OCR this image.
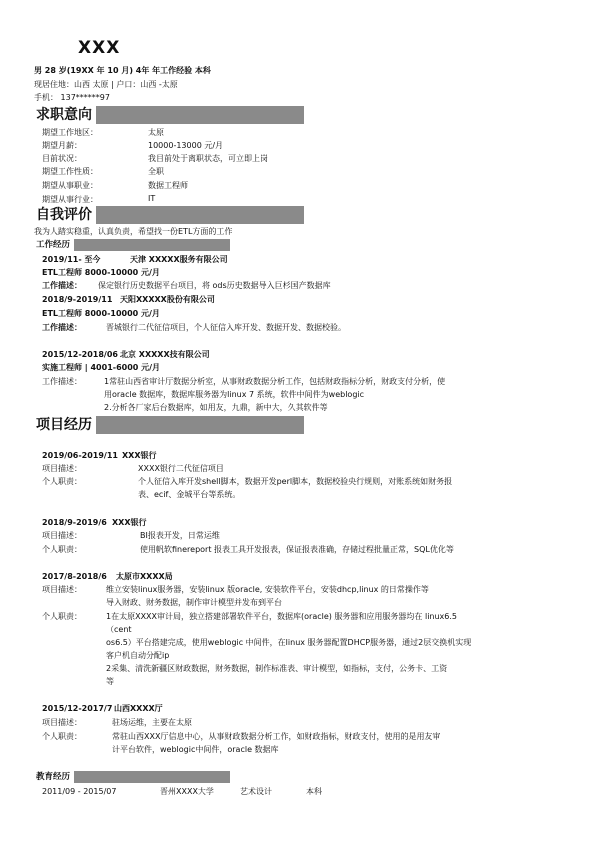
XXX
男 28 岁(19XX 年 10 月) 4年 年工作经验 本科
现居住地：山西 太原 | 户口：山西 -太原
手机： 137******97
求职意向
期望工作地区：	太原
期望月薪：	10000-13000 元/月
目前状况：	我目前处于离职状态，可立即上岗
期望工作性质：	全职
期望从事职业：	数据工程师
期望从事行业：	IT
自我评价
我为人踏实稳重，认真负责，希望找一份ETL方面的工作
工作经历
2019/11- 至今	天津 XXXXX服务有限公司
ETL工程师 8000-10000 元/月
工作描述： 保定银行历史数据平台项目，将 ods历史数据导入巨杉国产数据库
2018/9-2019/11 天阳XXXXX股份有限公司
ETL工程师 8000-10000 元/月
工作描述：	晋城银行二代征信项目，个人征信入库开发、数据开发、数据校验。
2015/12-2018/06 北京 XXXXX技有限公司
实施工程师 | 4001-6000 元/月
工作描述：	1常驻山西省审计厅数据分析室，从事财政数据分析工作，包括财政指标分析，财政支付分析，使
用oracle 数据库，数据库服务器为linux 7 系统，软件中间件为weblogic
2.分析各厂家后台数据库，如用友，九鼎，新中大，久其软件等
项目经历
2019/06-2019/11 XXX银行
项目描述：	XXXX银行二代征信项目
个人职责：	个人征信入库开发shell脚本，数据开发perl脚本，数据校验央行规则，对账系统如财务报
表、ecif、金城平台等系统。
2018/9-2019/6 XXX银行
项目描述：	BI报表开发，日常运维
个人职责：	使用帆软finereport 报表工具开发报表，保证报表准确，存储过程批量正常，SQL优化等
2017/8-2018/6 太原市XXXX局
项目描述：	维立安装linux服务器，安装linux 版oracle, 安装软件平台，安装dhcp,linux 的日常操作等
导入财政、财务数据，制作审计模型并发布到平台
个人职责：	1在太原XXXX审计局，独立搭建部署软件平台，数据库(oracle) 服务器和应用服务器均在 linux6.5
（cent
os6.5）平台搭建完成，使用weblogic 中间件，在linux 服务器配置DHCP服务器，通过2层交换机实现
客户机自动分配ip
2采集、清洗新疆区财政数据，财务数据，制作标准表、审计模型，如指标，支付，公务卡、工资
等
2015/12-2017/7 山西XXXX厅
项目描述：	驻场运维，主要在太原
个人职责：	常驻山西XXX厅信息中心，从事财政数据分析工作，如财政指标，财政支付，使用的是用友审
计平台软件，weblogic中间件，oracle 数据库
教育经历
2011/09 - 2015/07	晋州XXXX大学	艺术设计	本科
